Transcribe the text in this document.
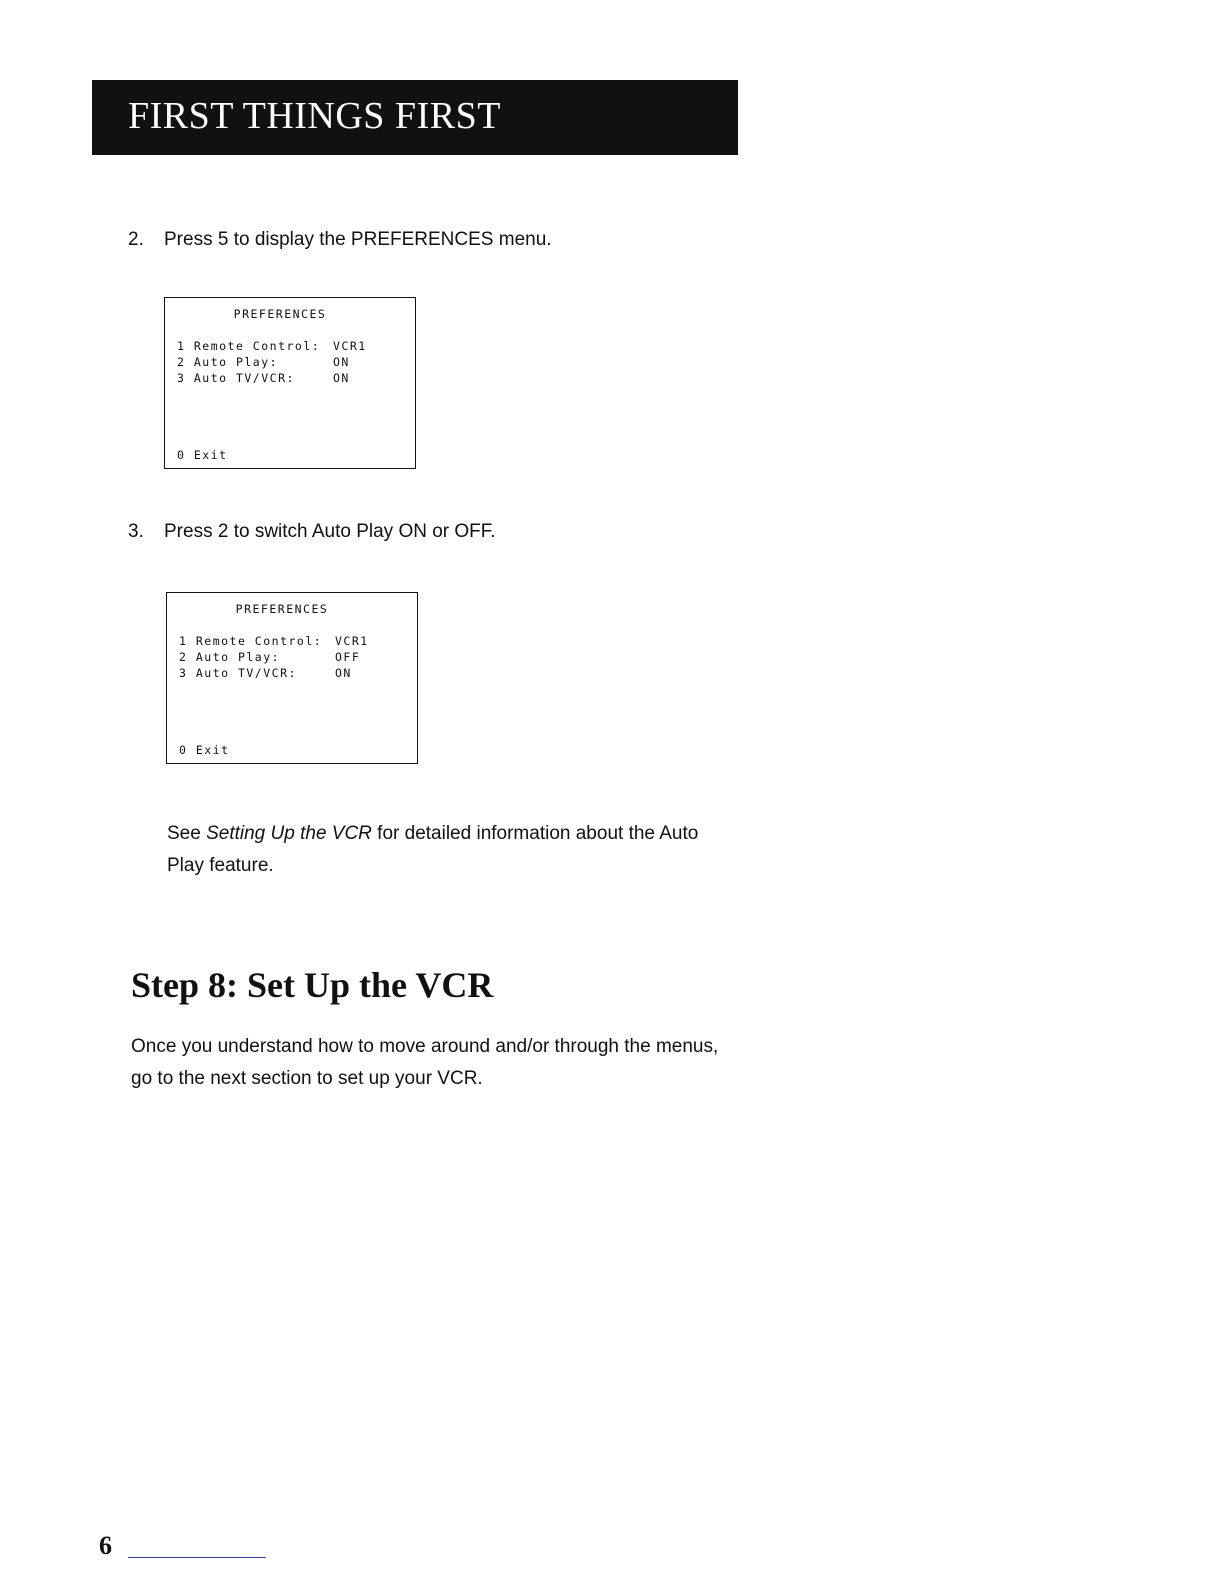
FIRST THINGS FIRST
2. Press 5 to display the PREFERENCES menu.
PREFERENCES
1 Remote Control: VCR1
2 Auto Play:	ON
3 Auto TV/VCR:	ON
0 Exit
3. Press 2 to switch Auto Play ON or OFF.
PREFERENCES
1 Remote Control: VCR1
2 Auto Play:	OFF
3 Auto TV/VCR:	ON
0 Exit
See Setting Up the VCR for detailed information about the Auto Play feature.
Step 8: Set Up the VCR
Once you understand how to move around and/or through the menus, go to the next section to set up your VCR.
6
